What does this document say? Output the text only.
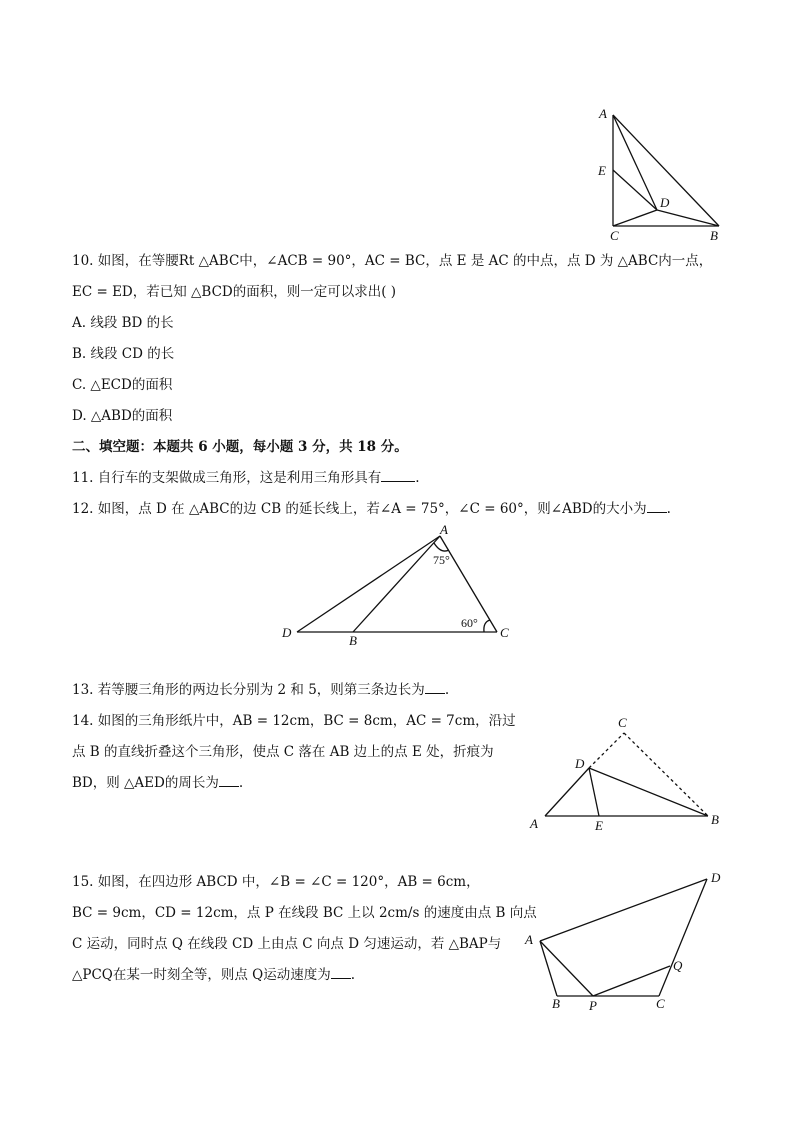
A
E
D
C	B
10. 如图，在等腰Rt △ABC中，∠ACB = 90°，AC = BC，点 E 是 AC 的中点，点 D 为 △ABC内一点，
EC = ED，若已知 △BCD的面积，则一定可以求出( )
A. 线段 BD 的长
B. 线段 CD 的长
C. △ECD的面积
D. △ABD的面积
二、填空题：本题共 6 小题，每小题 3 分，共 18 分。
11. 自行车的支架做成三角形，这是利用三角形具有	.
12. 如图，点 D 在 △ABC的边 CB 的延长线上，若∠A = 75°，∠C = 60°，则∠ABD的大小为 .
A
D
B
C
75°
60°
13. 若等腰三角形的两边长分别为 2 和 5，则第三条边长为 .
14. 如图的三角形纸片中，AB = 12cm，BC = 8cm，AC = 7cm，沿过
点 B 的直线折叠这个三角形，使点 C 落在 AB 边上的点 E 处，折痕为
BD，则 △AED的周长为 .
C
D
A	E	B
15. 如图，在四边形 ABCD 中，∠B = ∠C = 120°，AB = 6cm，
BC = 9cm，CD = 12cm，点 P 在线段 BC 上以 2cm/s 的速度由点 B 向点
C 运动，同时点 Q 在线段 CD 上由点 C 向点 D 匀速运动，若 △BAP与
△PCQ在某一时刻全等，则点 Q运动速度为 .
D
A
Q
B P	C
